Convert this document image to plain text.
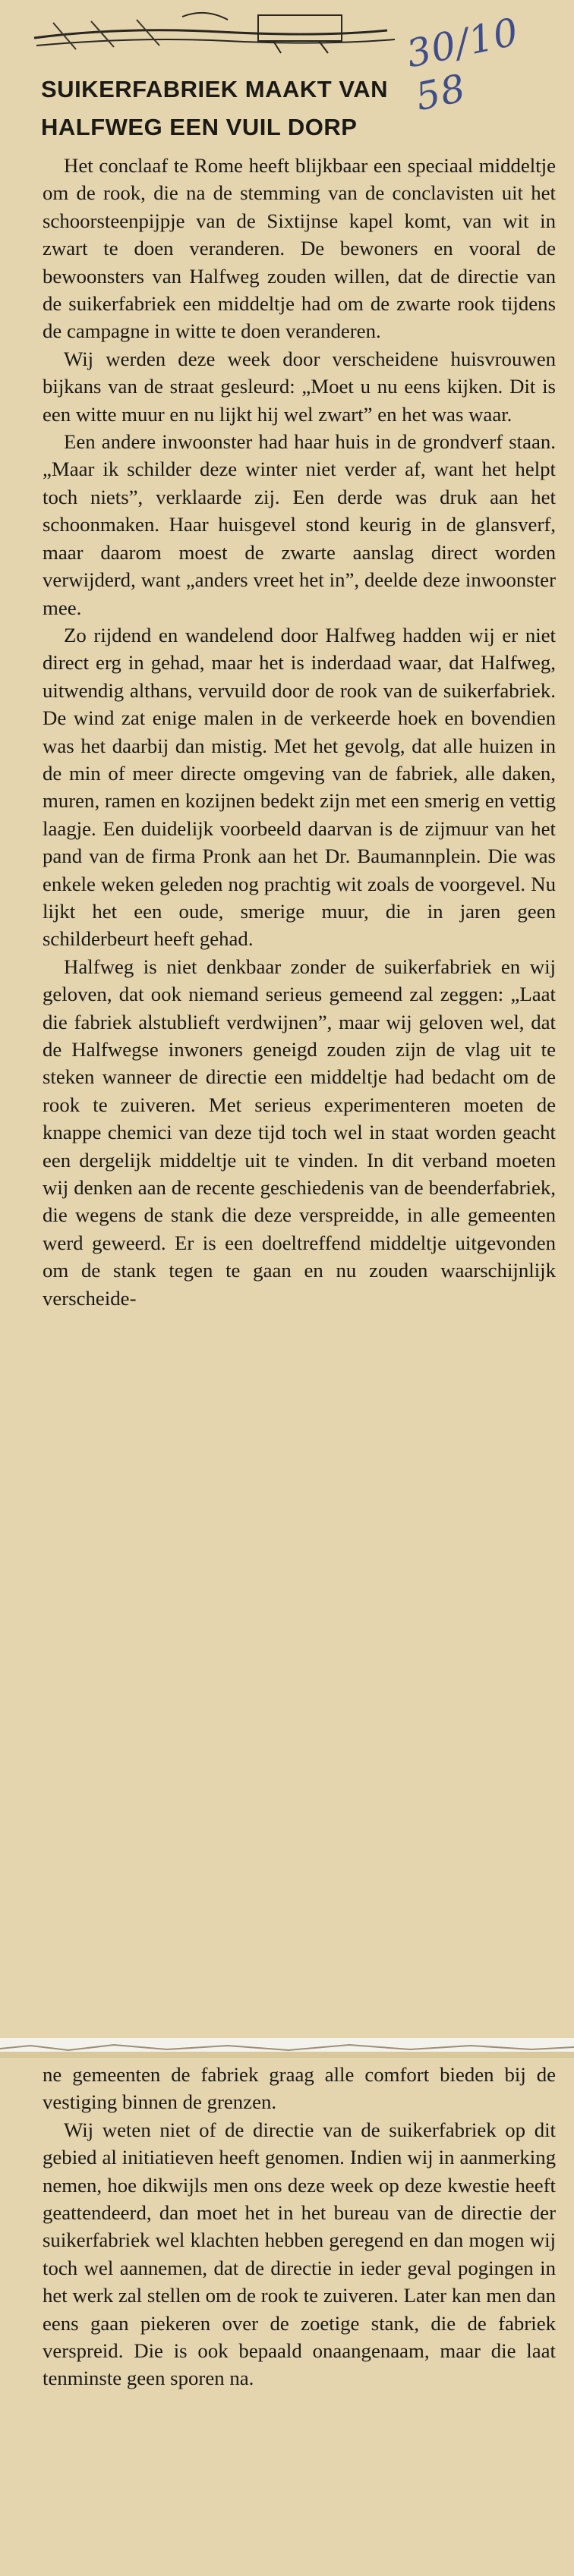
30/10 58
SUIKERFABRIEK MAAKT VAN
HALFWEG EEN VUIL DORP

Het conclaaf te Rome heeft blijkbaar een speciaal middeltje om de rook, die na de stemming van de conclavisten uit het schoorsteenpijpje van de Sixtijnse kapel komt, van wit in zwart te doen veranderen. De bewoners en vooral de bewoonsters van Halfweg zouden willen, dat de directie van de suikerfabriek een middeltje had om de zwarte rook tijdens de campagne in witte te doen veranderen.

Wij werden deze week door verscheidene huisvrouwen bijkans van de straat gesleurd: „Moet u nu eens kijken. Dit is een witte muur en nu lijkt hij wel zwart” en het was waar.

Een andere inwoonster had haar huis in de grondverf staan. „Maar ik schilder deze winter niet verder af, want het helpt toch niets”, verklaarde zij. Een derde was druk aan het schoonmaken. Haar huisgevel stond keurig in de glansverf, maar daarom moest de zwarte aanslag direct worden verwijderd, want „anders vreet het in”, deelde deze inwoonster mee.

Zo rijdend en wandelend door Halfweg hadden wij er niet direct erg in gehad, maar het is inderdaad waar, dat Halfweg, uitwendig althans, vervuild door de rook van de suikerfabriek. De wind zat enige malen in de verkeerde hoek en bovendien was het daarbij dan mistig. Met het gevolg, dat alle huizen in de min of meer directe omgeving van de fabriek, alle daken, muren, ramen en kozijnen bedekt zijn met een smerig en vettig laagje. Een duidelijk voorbeeld daarvan is de zijmuur van het pand van de firma Pronk aan het Dr. Baumannplein. Die was enkele weken geleden nog prachtig wit zoals de voorgevel. Nu lijkt het een oude, smerige muur, die in jaren geen schilderbeurt heeft gehad.

Halfweg is niet denkbaar zonder de suikerfabriek en wij geloven, dat ook niemand serieus gemeend zal zeggen: „Laat die fabriek alstublieft verdwijnen”, maar wij geloven wel, dat de Halfwegse inwoners geneigd zouden zijn de vlag uit te steken wanneer de directie een middeltje had bedacht om de rook te zuiveren. Met serieus experimenteren moeten de knappe chemici van deze tijd toch wel in staat worden geacht een dergelijk middeltje uit te vinden. In dit verband moeten wij denken aan de recente geschiedenis van de beenderfabriek, die wegens de stank die deze verspreidde, in alle gemeenten werd geweerd. Er is een doeltreffend middeltje uitgevonden om de stank tegen te gaan en nu zouden waarschijnlijk verscheide-

ne gemeenten de fabriek graag alle comfort bieden bij de vestiging binnen de grenzen.

Wij weten niet of de directie van de suikerfabriek op dit gebied al initiatieven heeft genomen. Indien wij in aanmerking nemen, hoe dikwijls men ons deze week op deze kwestie heeft geattendeerd, dan moet het in het bureau van de directie der suikerfabriek wel klachten hebben geregend en dan mogen wij toch wel aannemen, dat de directie in ieder geval pogingen in het werk zal stellen om de rook te zuiveren. Later kan men dan eens gaan piekeren over de zoetige stank, die de fabriek verspreid. Die is ook bepaald onaangenaam, maar die laat tenminste geen sporen na.
